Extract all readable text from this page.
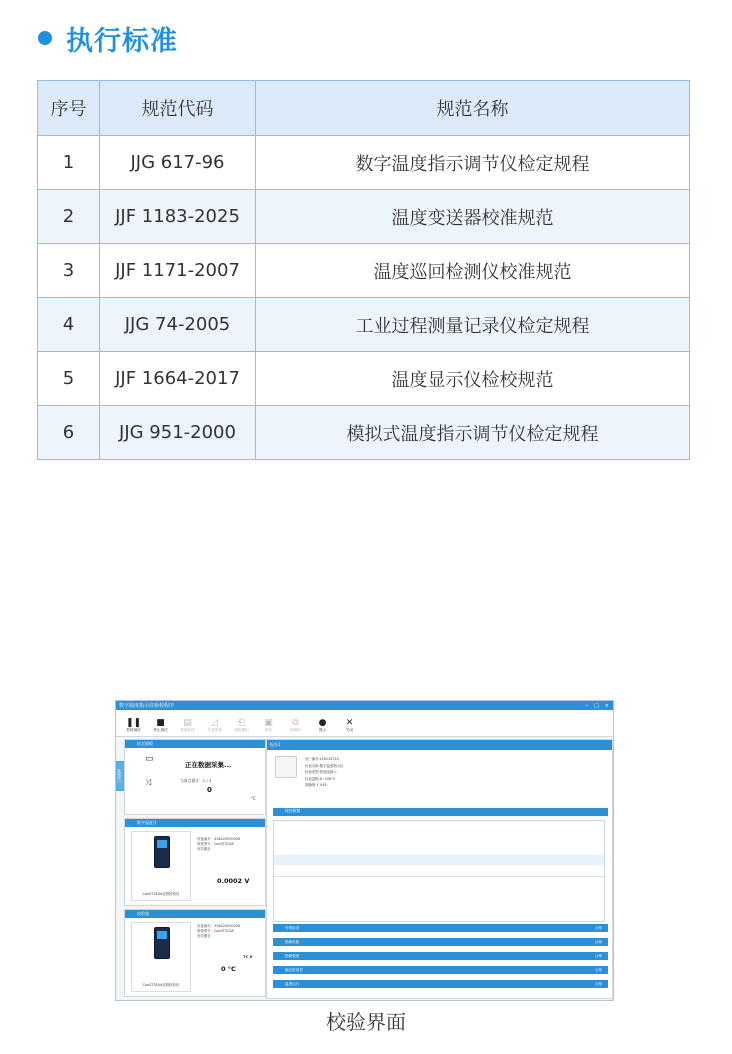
执行标准
序号	规范代码	规范名称
1	JJG 617-96	数字温度指示调节仪检定规程
2	JJF 1183-2025	温度变送器校准规范
3	JJF 1171-2007	温度巡回检测仪校准规范
4	JJG 74-2005	工业过程测量记录仪检定规程
5	JJF 1664-2017	温度显示仪检校规范
6	JJG 951-2000	模拟式温度指示调节仪检定规程
数字温度指示仪检校程序	– □ ×
❚❚
暂停测试
■
停止测试
▤
校准曲线
◿
计量报表
⎗
检校模拟
▣
保存
⧉
新测试
●
提示
✕
关闭
数据窗口
检定面板
▭
正在数据采集...
当前点值计：1 / 3
⤨
0
°C
数字温度计
ConST31XA过程校验仪
设备编号：316A20050008
规格型号：ConST31XA
有效期至：
0.0002 V
校验器
ConST31XA过程校验仪
设备编号：316A20050008
规格型号：ConST31XA
有效期至：
TC 6
0 °C
报告1
出厂编号:c20110710
仪表名称:数字温度指示仪
仪表类型:热电阻指示
仪表量程:0~100°C
准确度:1 %FS
检校数据
外观检查	合格
绝缘电阻	合格
绝缘强度	合格
稳定度误差	合格
温度运行	合格
校验界面
